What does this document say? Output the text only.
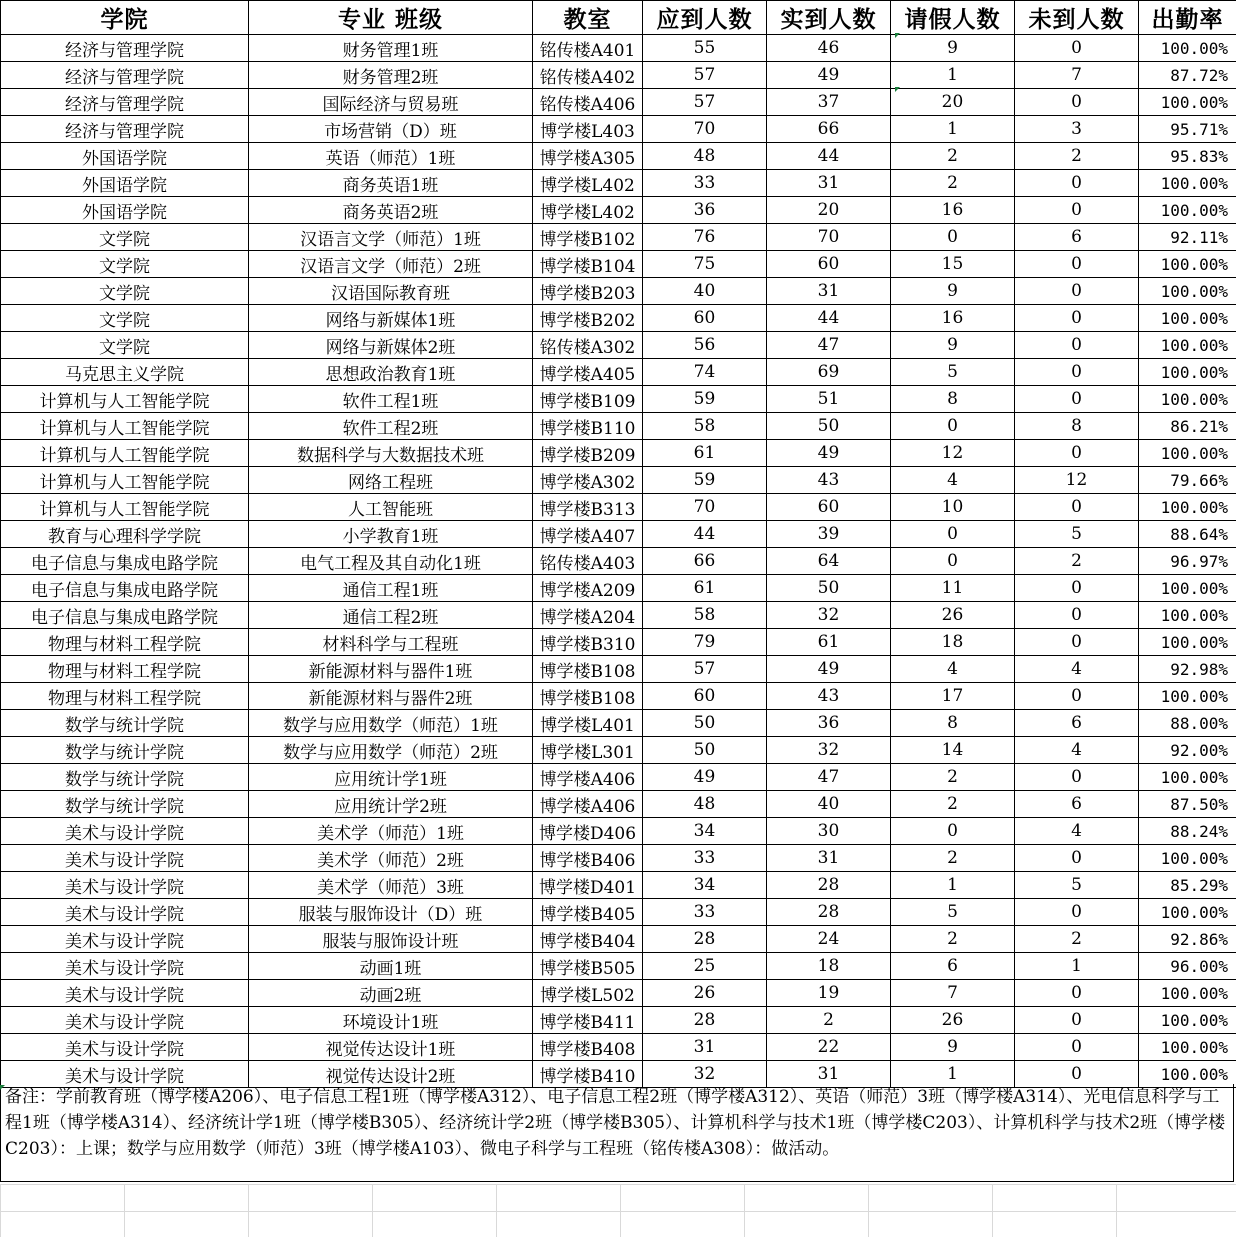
学院	专业 班级	教室	应到人数	实到人数	请假人数	未到人数	出勤率
经济与管理学院	财务管理1班	铭传楼A401	55	46	9	0	100.00%
经济与管理学院	财务管理2班	铭传楼A402	57	49	1	7	87.72%
经济与管理学院	国际经济与贸易班	铭传楼A406	57	37	20	0	100.00%
经济与管理学院	市场营销（D）班	博学楼L403	70	66	1	3	95.71%
外国语学院	英语（师范）1班	博学楼A305	48	44	2	2	95.83%
外国语学院	商务英语1班	博学楼L402	33	31	2	0	100.00%
外国语学院	商务英语2班	博学楼L402	36	20	16	0	100.00%
文学院	汉语言文学（师范）1班	博学楼B102	76	70	0	6	92.11%
文学院	汉语言文学（师范）2班	博学楼B104	75	60	15	0	100.00%
文学院	汉语国际教育班	博学楼B203	40	31	9	0	100.00%
文学院	网络与新媒体1班	博学楼B202	60	44	16	0	100.00%
文学院	网络与新媒体2班	铭传楼A302	56	47	9	0	100.00%
马克思主义学院	思想政治教育1班	博学楼A405	74	69	5	0	100.00%
计算机与人工智能学院	软件工程1班	博学楼B109	59	51	8	0	100.00%
计算机与人工智能学院	软件工程2班	博学楼B110	58	50	0	8	86.21%
计算机与人工智能学院	数据科学与大数据技术班	博学楼B209	61	49	12	0	100.00%
计算机与人工智能学院	网络工程班	博学楼A302	59	43	4	12	79.66%
计算机与人工智能学院	人工智能班	博学楼B313	70	60	10	0	100.00%
教育与心理科学学院	小学教育1班	博学楼A407	44	39	0	5	88.64%
电子信息与集成电路学院	电气工程及其自动化1班	铭传楼A403	66	64	0	2	96.97%
电子信息与集成电路学院	通信工程1班	博学楼A209	61	50	11	0	100.00%
电子信息与集成电路学院	通信工程2班	博学楼A204	58	32	26	0	100.00%
物理与材料工程学院	材料科学与工程班	博学楼B310	79	61	18	0	100.00%
物理与材料工程学院	新能源材料与器件1班	博学楼B108	57	49	4	4	92.98%
物理与材料工程学院	新能源材料与器件2班	博学楼B108	60	43	17	0	100.00%
数学与统计学院	数学与应用数学（师范）1班	博学楼L401	50	36	8	6	88.00%
数学与统计学院	数学与应用数学（师范）2班	博学楼L301	50	32	14	4	92.00%
数学与统计学院	应用统计学1班	博学楼A406	49	47	2	0	100.00%
数学与统计学院	应用统计学2班	博学楼A406	48	40	2	6	87.50%
美术与设计学院	美术学（师范）1班	博学楼D406	34	30	0	4	88.24%
美术与设计学院	美术学（师范）2班	博学楼B406	33	31	2	0	100.00%
美术与设计学院	美术学（师范）3班	博学楼D401	34	28	1	5	85.29%
美术与设计学院	服装与服饰设计（D）班	博学楼B405	33	28	5	0	100.00%
美术与设计学院	服装与服饰设计班	博学楼B404	28	24	2	2	92.86%
美术与设计学院	动画1班	博学楼B505	25	18	6	1	96.00%
美术与设计学院	动画2班	博学楼L502	26	19	7	0	100.00%
美术与设计学院	环境设计1班	博学楼B411	28	2	26	0	100.00%
美术与设计学院	视觉传达设计1班	博学楼B408	31	22	9	0	100.00%
美术与设计学院	视觉传达设计2班	博学楼B410	32	31	1	0	100.00%
备注：学前教育班（博学楼A206）、电子信息工程1班（博学楼A312）、电子信息工程2班（博学楼A312）、英语（师范）3班（博学楼A314）、光电信息科学与工程1班（博学楼A314）、经济统计学1班（博学楼B305）、经济统计学2班（博学楼B305）、计算机科学与技术1班（博学楼C203）、计算机科学与技术2班（博学楼C203）：上课；数学与应用数学（师范）3班（博学楼A103）、微电子科学与工程班（铭传楼A308）：做活动。
